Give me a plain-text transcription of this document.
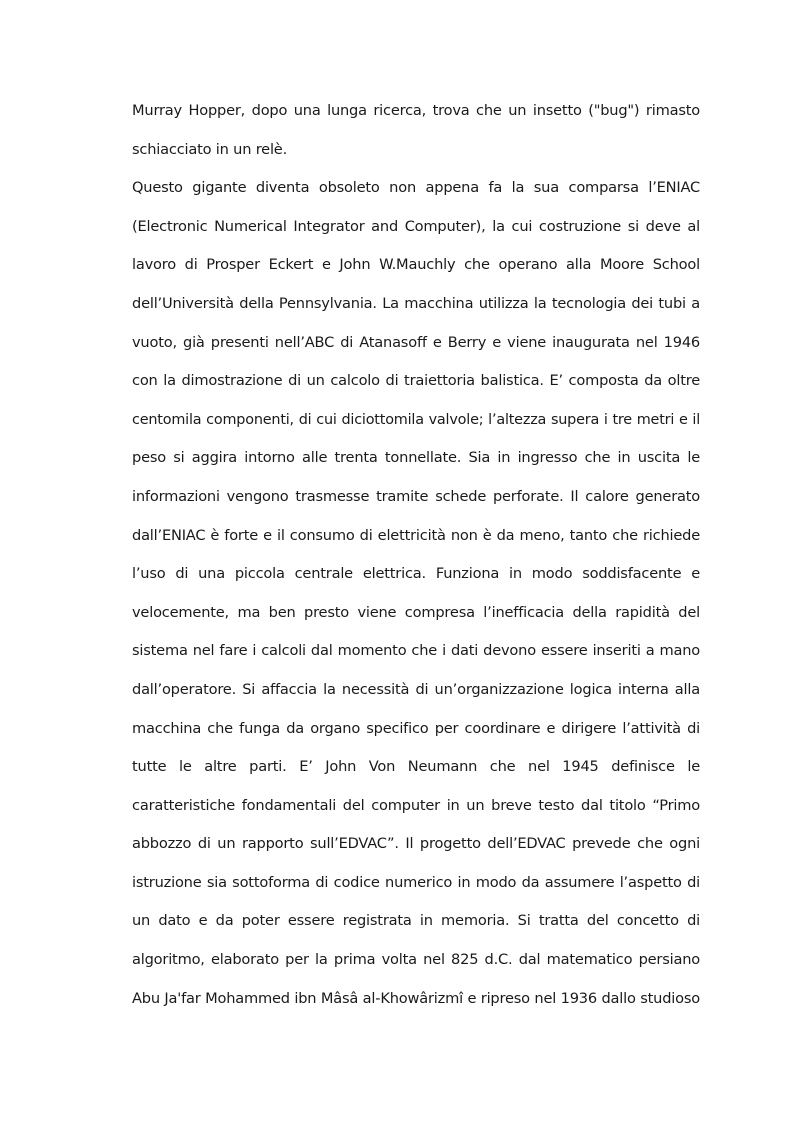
Murray Hopper, dopo una lunga ricerca, trova che un insetto ("bug") rimasto
schiacciato in un relè.
Questo gigante diventa obsoleto non appena fa la sua comparsa l’ENIAC
(Electronic Numerical Integrator and Computer), la cui costruzione si deve al
lavoro di Prosper Eckert e John W.Mauchly che operano alla Moore School
dell’Università della Pennsylvania. La macchina utilizza la tecnologia dei tubi a
vuoto, già presenti nell’ABC di Atanasoff e Berry e viene inaugurata nel 1946
con la dimostrazione di un calcolo di traiettoria balistica. E’ composta da oltre
centomila componenti, di cui diciottomila valvole; l’altezza supera i tre metri e il
peso si aggira intorno alle trenta tonnellate. Sia in ingresso che in uscita le
informazioni vengono trasmesse tramite schede perforate. Il calore generato
dall’ENIAC è forte e il consumo di elettricità non è da meno, tanto che richiede
l’uso di una piccola centrale elettrica. Funziona in modo soddisfacente e
velocemente, ma ben presto viene compresa l’inefficacia della rapidità del
sistema nel fare i calcoli dal momento che i dati devono essere inseriti a mano
dall’operatore. Si affaccia la necessità di un’organizzazione logica interna alla
macchina che funga da organo specifico per coordinare e dirigere l’attività di
tutte le altre parti. E’ John Von Neumann che nel 1945 definisce le
caratteristiche fondamentali del computer in un breve testo dal titolo “Primo
abbozzo di un rapporto sull’EDVAC”. Il progetto dell’EDVAC prevede che ogni
istruzione sia sottoforma di codice numerico in modo da assumere l’aspetto di
un dato e da poter essere registrata in memoria. Si tratta del concetto di
algoritmo, elaborato per la prima volta nel 825 d.C. dal matematico persiano
Abu Ja'far Mohammed ibn Mâsâ al-Khowârizmî e ripreso nel 1936 dallo studioso
